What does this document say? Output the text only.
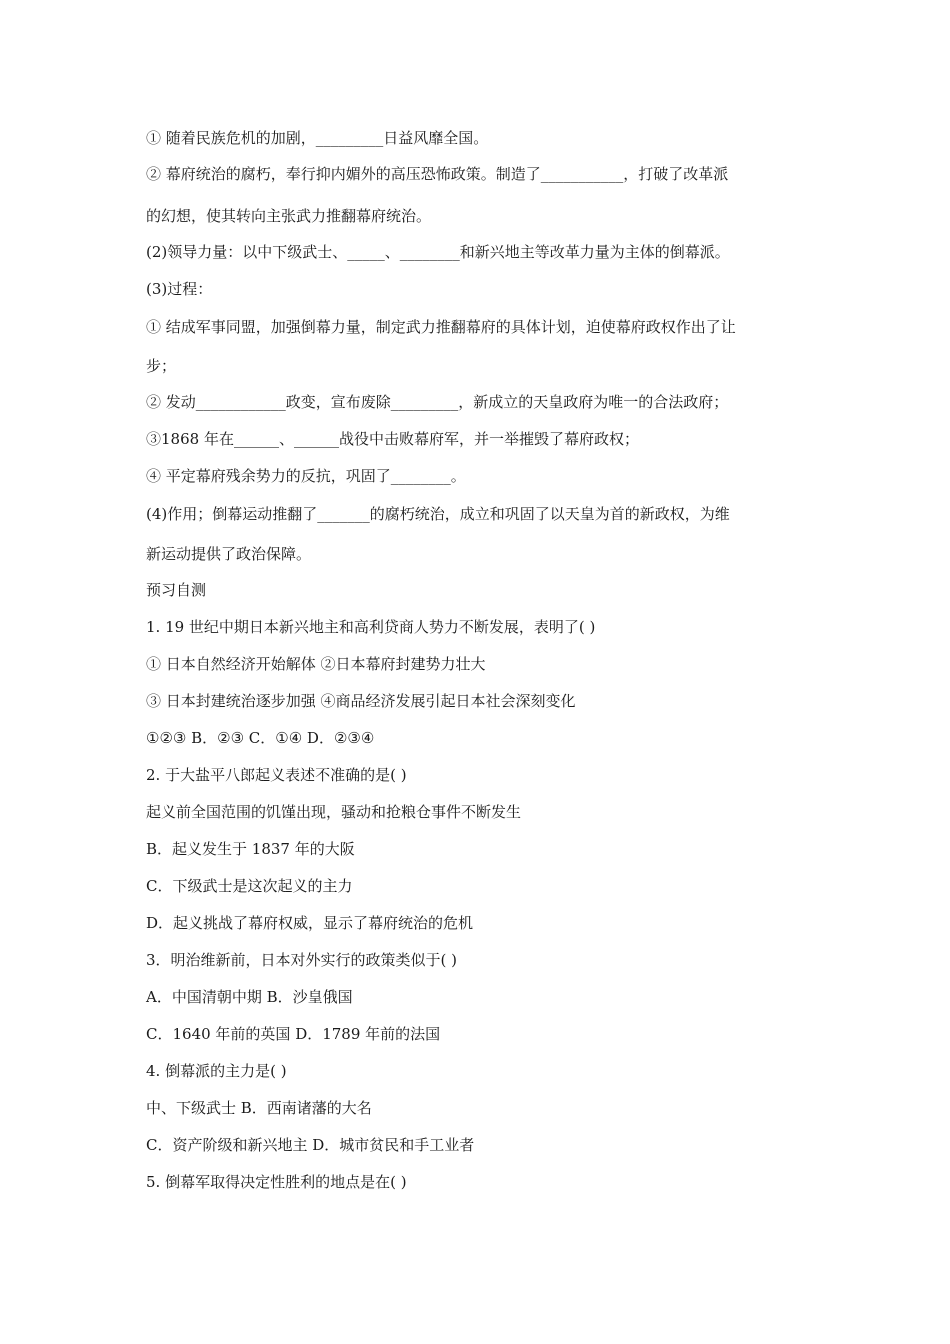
① 随着民族危机的加剧，_________日益风靡全国。
② 幕府统治的腐朽，奉行抑内媚外的高压恐怖政策。制造了___________，打破了改革派
的幻想，使其转向主张武力推翻幕府统治。
(2)领导力量：以中下级武士、_____、________和新兴地主等改革力量为主体的倒幕派。
(3)过程：
① 结成军事同盟，加强倒幕力量，制定武力推翻幕府的具体计划，迫使幕府政权作出了让
步；
② 发动____________政变，宣布废除_________，新成立的天皇政府为唯一的合法政府；
③1868 年在______、______战役中击败幕府军，并一举摧毁了幕府政权；
④ 平定幕府残余势力的反抗，巩固了________。
(4)作用；倒幕运动推翻了_______的腐朽统治，成立和巩固了以天皇为首的新政权，为维
新运动提供了政治保障。
预习自测
1. 19 世纪中期日本新兴地主和高利贷商人势力不断发展，表明了( )
① 日本自然经济开始解体 ②日本幕府封建势力壮大
③ 日本封建统治逐步加强 ④商品经济发展引起日本社会深刻变化
①②③ B．②③ C．①④ D．②③④
2. 于大盐平八郎起义表述不准确的是( )
起义前全国范围的饥馑出现，骚动和抢粮仓事件不断发生
B．起义发生于 1837 年的大阪
C．下级武士是这次起义的主力
D．起义挑战了幕府权威，显示了幕府统治的危机
3．明治维新前，日本对外实行的政策类似于( )
A．中国清朝中期 B．沙皇俄国
C．1640 年前的英国 D．1789 年前的法国
4. 倒幕派的主力是( )
中、下级武士 B．西南诸藩的大名
C．资产阶级和新兴地主 D．城市贫民和手工业者
5. 倒幕军取得决定性胜利的地点是在( )
